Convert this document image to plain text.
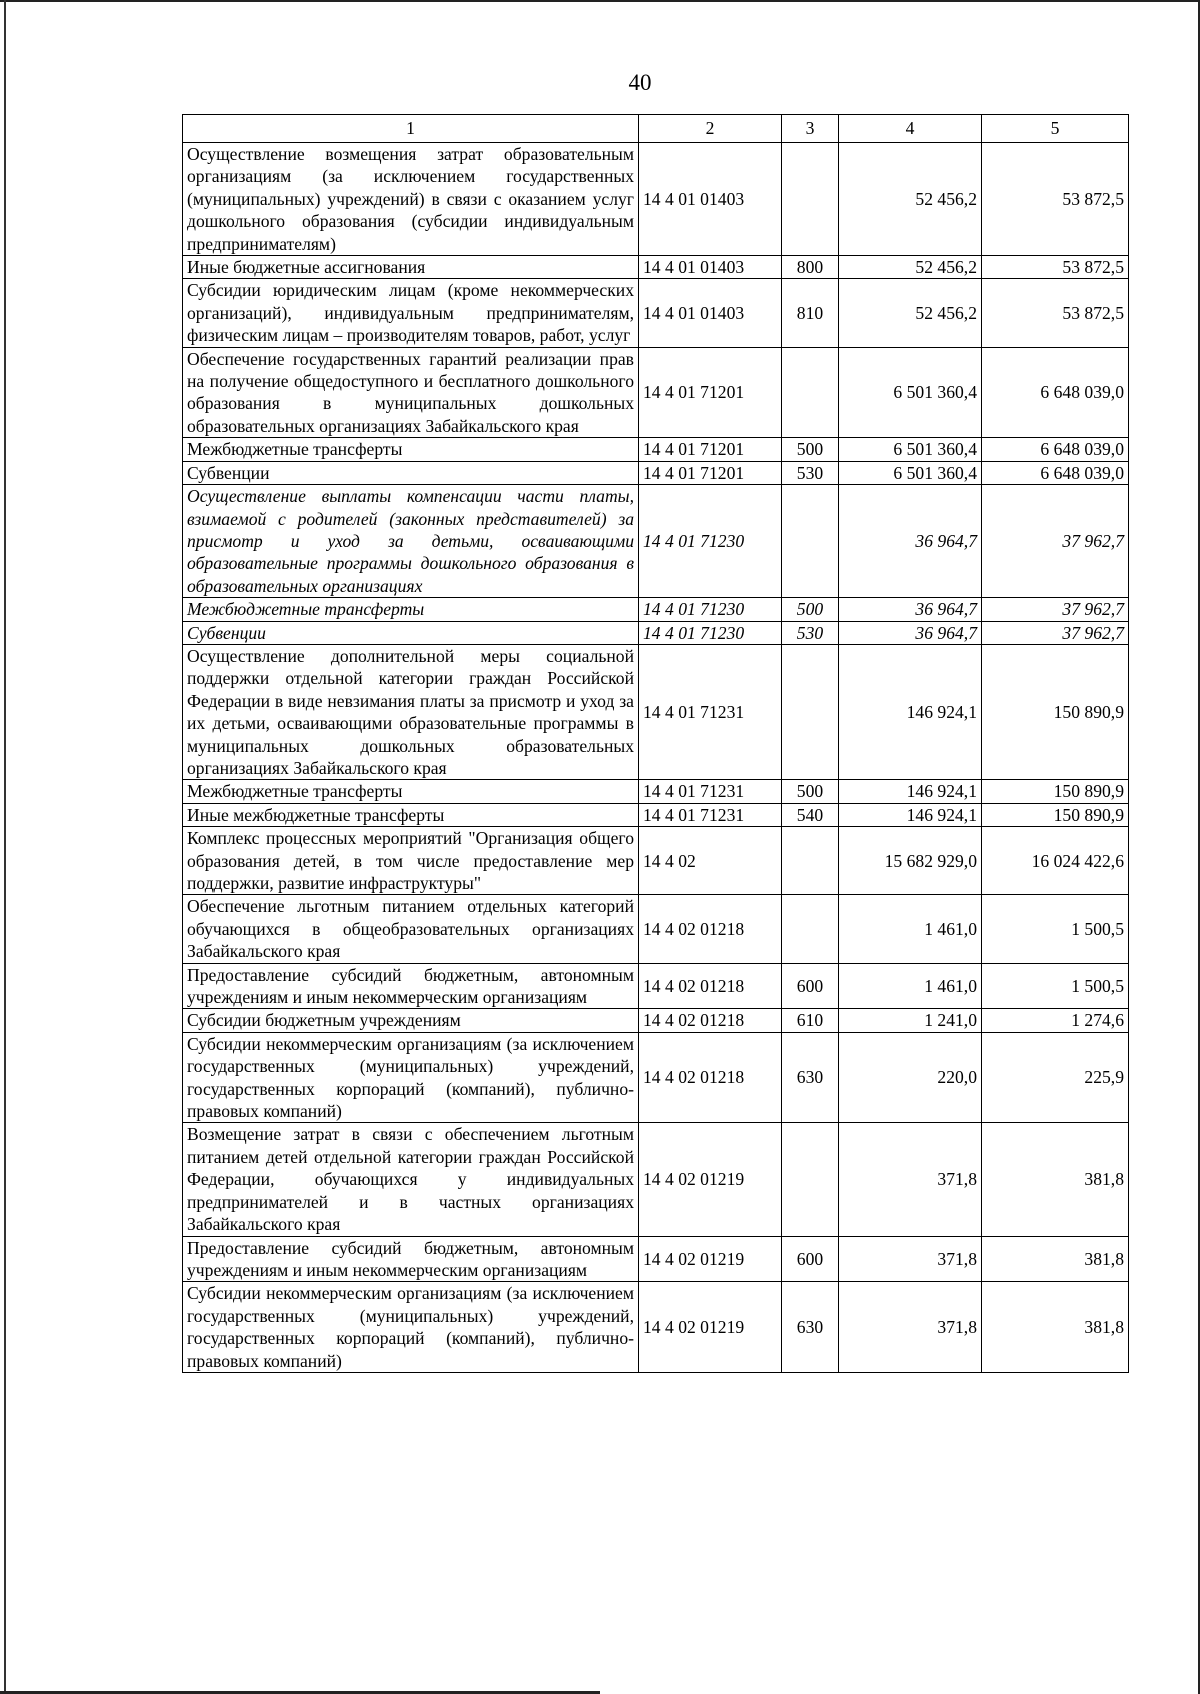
40
1	2	3	4	5
Осуществление возмещения затрат образовательным организациям (за исключением государственных (муниципальных) учреждений) в связи с оказанием услуг дошкольного образования (субсидии индивидуальным предпринимателям)	14 4 01 01403		52 456,2	53 872,5
Иные бюджетные ассигнования	14 4 01 01403	800	52 456,2	53 872,5
Субсидии юридическим лицам (кроме некоммерческих организаций), индивидуальным предпринимателям, физическим лицам – производителям товаров, работ, услуг	14 4 01 01403	810	52 456,2	53 872,5
Обеспечение государственных гарантий реализации прав на получение общедоступного и бесплатного дошкольного образования в муниципальных дошкольных образовательных организациях Забайкальского края	14 4 01 71201		6 501 360,4	6 648 039,0
Межбюджетные трансферты	14 4 01 71201	500	6 501 360,4	6 648 039,0
Субвенции	14 4 01 71201	530	6 501 360,4	6 648 039,0
Осуществление выплаты компенсации части платы, взимаемой с родителей (законных представителей) за присмотр и уход за детьми, осваивающими образовательные программы дошкольного образования в образовательных организациях	14 4 01 71230		36 964,7	37 962,7
Межбюджетные трансферты	14 4 01 71230	500	36 964,7	37 962,7
Субвенции	14 4 01 71230	530	36 964,7	37 962,7
Осуществление дополнительной меры социальной поддержки отдельной категории граждан Российской Федерации в виде невзимания платы за присмотр и уход за их детьми, осваивающими образовательные программы в муниципальных дошкольных образовательных организациях Забайкальского края	14 4 01 71231		146 924,1	150 890,9
Межбюджетные трансферты	14 4 01 71231	500	146 924,1	150 890,9
Иные межбюджетные трансферты	14 4 01 71231	540	146 924,1	150 890,9
Комплекс процессных мероприятий "Организация общего образования детей, в том числе предоставление мер поддержки, развитие инфраструктуры"	14 4 02		15 682 929,0	16 024 422,6
Обеспечение льготным питанием отдельных категорий обучающихся в общеобразовательных организациях Забайкальского края	14 4 02 01218		1 461,0	1 500,5
Предоставление субсидий бюджетным, автономным учреждениям и иным некоммерческим организациям	14 4 02 01218	600	1 461,0	1 500,5
Субсидии бюджетным учреждениям	14 4 02 01218	610	1 241,0	1 274,6
Субсидии некоммерческим организациям (за исключением государственных (муниципальных) учреждений, государственных корпораций (компаний), публично-правовых компаний)	14 4 02 01218	630	220,0	225,9
Возмещение затрат в связи с обеспечением льготным питанием детей отдельной категории граждан Российской Федерации, обучающихся у индивидуальных предпринимателей и в частных организациях Забайкальского края	14 4 02 01219		371,8	381,8
Предоставление субсидий бюджетным, автономным учреждениям и иным некоммерческим организациям	14 4 02 01219	600	371,8	381,8
Субсидии некоммерческим организациям (за исключением государственных (муниципальных) учреждений, государственных корпораций (компаний), публично-правовых компаний)	14 4 02 01219	630	371,8	381,8
